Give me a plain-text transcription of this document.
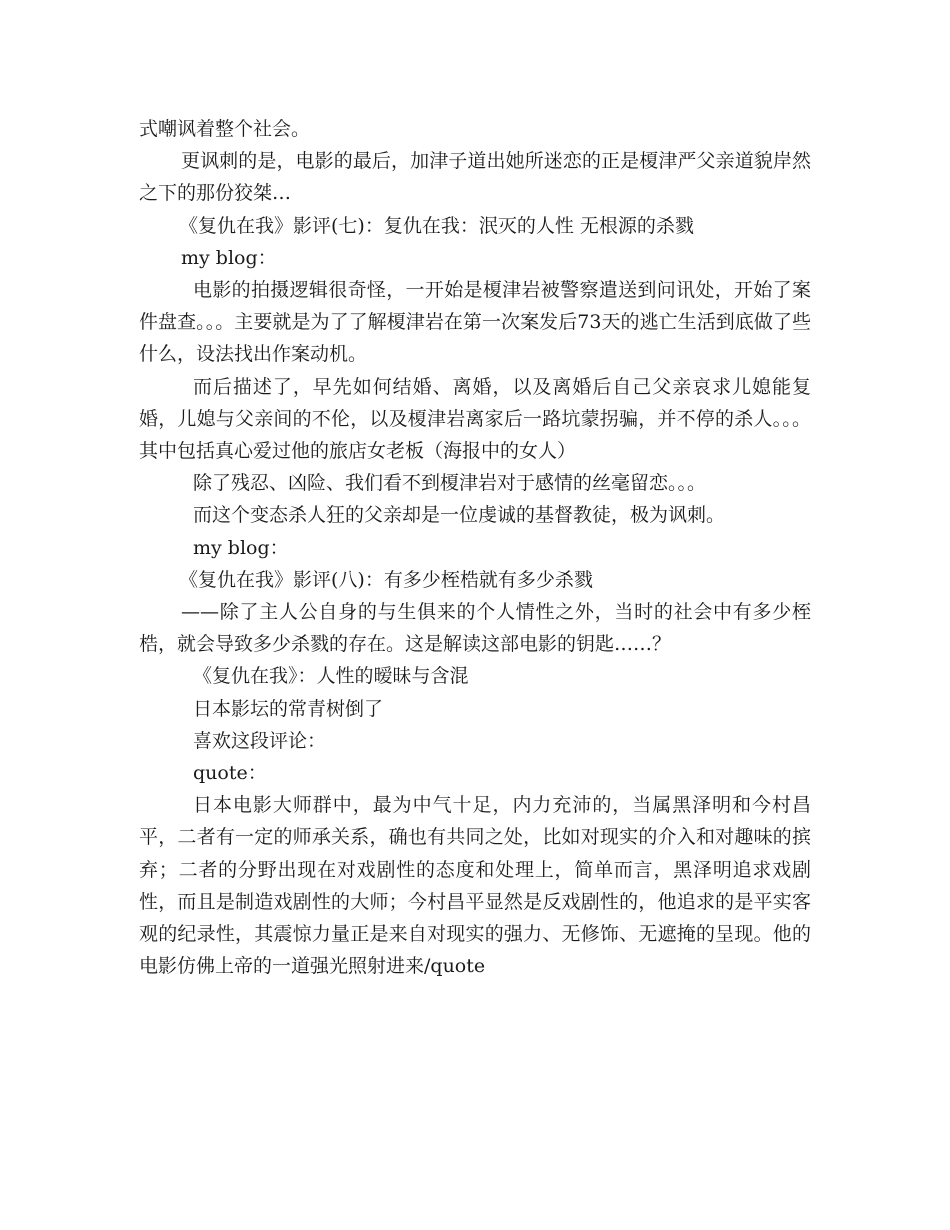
式嘲讽着整个社会。

更讽刺的是，电影的最后，加津子道出她所迷恋的正是榎津严父亲道貌岸然之下的那份狡桀…

《复仇在我》影评(七)：复仇在我：泯灭的人性 无根源的杀戮

my blog：

电影的拍摄逻辑很奇怪，一开始是榎津岩被警察遣送到问讯处，开始了案件盘查。。。主要就是为了了解榎津岩在第一次案发后73天的逃亡生活到底做了些什么，设法找出作案动机。

而后描述了，早先如何结婚、离婚，以及离婚后自己父亲哀求儿媳能复婚，儿媳与父亲间的不伦，以及榎津岩离家后一路坑蒙拐骗，并不停的杀人。。。其中包括真心爱过他的旅店女老板（海报中的女人）

除了残忍、凶险、我们看不到榎津岩对于感情的丝毫留恋。。。

而这个变态杀人狂的父亲却是一位虔诚的基督教徒，极为讽刺。

my blog：

《复仇在我》影评(八)：有多少桎梏就有多少杀戮

——除了主人公自身的与生俱来的个人情性之外，当时的社会中有多少桎梏，就会导致多少杀戮的存在。这是解读这部电影的钥匙……？

《复仇在我》：人性的暧昧与含混

日本影坛的常青树倒了

喜欢这段评论：

quote：

日本电影大师群中，最为中气十足，内力充沛的，当属黑泽明和今村昌平，二者有一定的师承关系，确也有共同之处，比如对现实的介入和对趣味的摈弃；二者的分野出现在对戏剧性的态度和处理上，简单而言，黑泽明追求戏剧性，而且是制造戏剧性的大师；今村昌平显然是反戏剧性的，他追求的是平实客观的纪录性，其震惊力量正是来自对现实的强力、无修饰、无遮掩的呈现。他的电影仿佛上帝的一道强光照射进来/quote
